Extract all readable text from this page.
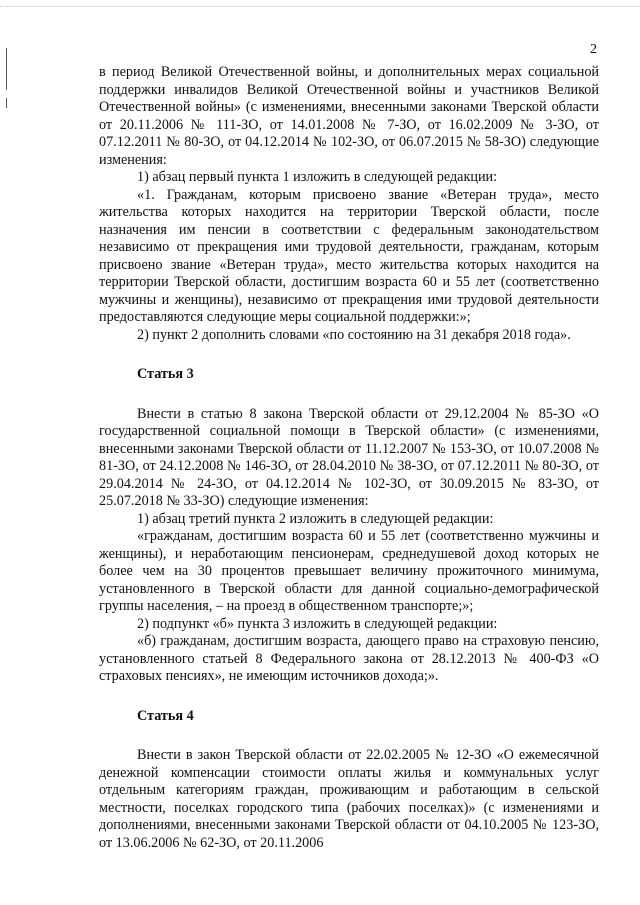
2

в период Великой Отечественной войны, и дополнительных мерах социальной поддержки инвалидов Великой Отечественной войны и участников Великой Отечественной войны» (с изменениями, внесенными законами Тверской области от 20.11.2006 № 111-ЗО, от 14.01.2008 № 7-ЗО, от 16.02.2009 № 3-ЗО, от 07.12.2011 № 80-ЗО, от 04.12.2014 № 102-ЗО, от 06.07.2015 № 58-ЗО) следующие изменения:

1) абзац первый пункта 1 изложить в следующей редакции:

«1. Гражданам, которым присвоено звание «Ветеран труда», место жительства которых находится на территории Тверской области, после назначения им пенсии в соответствии с федеральным законодательством независимо от прекращения ими трудовой деятельности, гражданам, которым присвоено звание «Ветеран труда», место жительства которых находится на территории Тверской области, достигшим возраста 60 и 55 лет (соответственно мужчины и женщины), независимо от прекращения ими трудовой деятельности предоставляются следующие меры социальной поддержки:»;

2) пункт 2 дополнить словами «по состоянию на 31 декабря 2018 года».

Статья 3

Внести в статью 8 закона Тверской области от 29.12.2004 № 85-ЗО «О государственной социальной помощи в Тверской области» (с изменениями, внесенными законами Тверской области от 11.12.2007 № 153-ЗО, от 10.07.2008 № 81-ЗО, от 24.12.2008 № 146-ЗО, от 28.04.2010 № 38-ЗО, от 07.12.2011 № 80-ЗО, от 29.04.2014 № 24-ЗО, от 04.12.2014 № 102-ЗО, от 30.09.2015 № 83-ЗО, от 25.07.2018 № 33-ЗО) следующие изменения:

1) абзац третий пункта 2 изложить в следующей редакции:

«гражданам, достигшим возраста 60 и 55 лет (соответственно мужчины и женщины), и неработающим пенсионерам, среднедушевой доход которых не более чем на 30 процентов превышает величину прожиточного минимума, установленного в Тверской области для данной социально-демографической группы населения, – на проезд в общественном транспорте;»;

2) подпункт «б» пункта 3 изложить в следующей редакции:

«б) гражданам, достигшим возраста, дающего право на страховую пенсию, установленного статьей 8 Федерального закона от 28.12.2013 № 400-ФЗ «О страховых пенсиях», не имеющим источников дохода;».

Статья 4

Внести в закон Тверской области от 22.02.2005 № 12-ЗО «О ежемесячной денежной компенсации стоимости оплаты жилья и коммунальных услуг отдельным категориям граждан, проживающим и работающим в сельской местности, поселках городского типа (рабочих поселках)» (с изменениями и дополнениями, внесенными законами Тверской области от 04.10.2005 № 123-ЗО, от 13.06.2006 № 62-ЗО, от 20.11.2006
